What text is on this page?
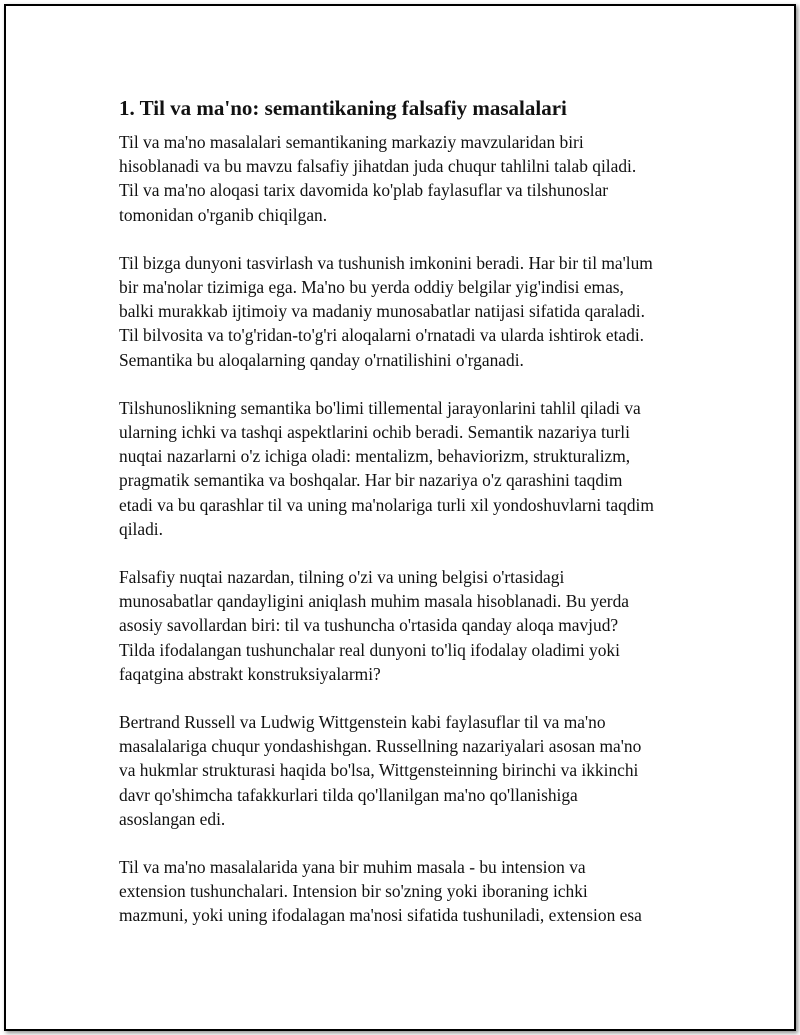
1. Til va ma'no: semantikaning falsafiy masalalari

Til va ma'no masalalari semantikaning markaziy mavzularidan biri
hisoblanadi va bu mavzu falsafiy jihatdan juda chuqur tahlilni talab qiladi.
Til va ma'no aloqasi tarix davomida ko'plab faylasuflar va tilshunoslar
tomonidan o'rganib chiqilgan.

Til bizga dunyoni tasvirlash va tushunish imkonini beradi. Har bir til ma'lum
bir ma'nolar tizimiga ega. Ma'no bu yerda oddiy belgilar yig'indisi emas,
balki murakkab ijtimoiy va madaniy munosabatlar natijasi sifatida qaraladi.
Til bilvosita va to'g'ridan-to'g'ri aloqalarni o'rnatadi va ularda ishtirok etadi.
Semantika bu aloqalarning qanday o'rnatilishini o'rganadi.

Tilshunoslikning semantika bo'limi tillemental jarayonlarini tahlil qiladi va
ularning ichki va tashqi aspektlarini ochib beradi. Semantik nazariya turli
nuqtai nazarlarni o'z ichiga oladi: mentalizm, behaviorizm, strukturalizm,
pragmatik semantika va boshqalar. Har bir nazariya o'z qarashini taqdim
etadi va bu qarashlar til va uning ma'nolariga turli xil yondoshuvlarni taqdim
qiladi.

Falsafiy nuqtai nazardan, tilning o'zi va uning belgisi o'rtasidagi
munosabatlar qandayligini aniqlash muhim masala hisoblanadi. Bu yerda
asosiy savollardan biri: til va tushuncha o'rtasida qanday aloqa mavjud?
Tilda ifodalangan tushunchalar real dunyoni to'liq ifodalay oladimi yoki
faqatgina abstrakt konstruksiyalarmi?

Bertrand Russell va Ludwig Wittgenstein kabi faylasuflar til va ma'no
masalalariga chuqur yondashishgan. Russellning nazariyalari asosan ma'no
va hukmlar strukturasi haqida bo'lsa, Wittgensteinning birinchi va ikkinchi
davr qo'shimcha tafakkurlari tilda qo'llanilgan ma'no qo'llanishiga
asoslangan edi.

Til va ma'no masalalarida yana bir muhim masala - bu intension va
extension tushunchalari. Intension bir so'zning yoki iboraning ichki
mazmuni, yoki uning ifodalagan ma'nosi sifatida tushuniladi, extension esa
